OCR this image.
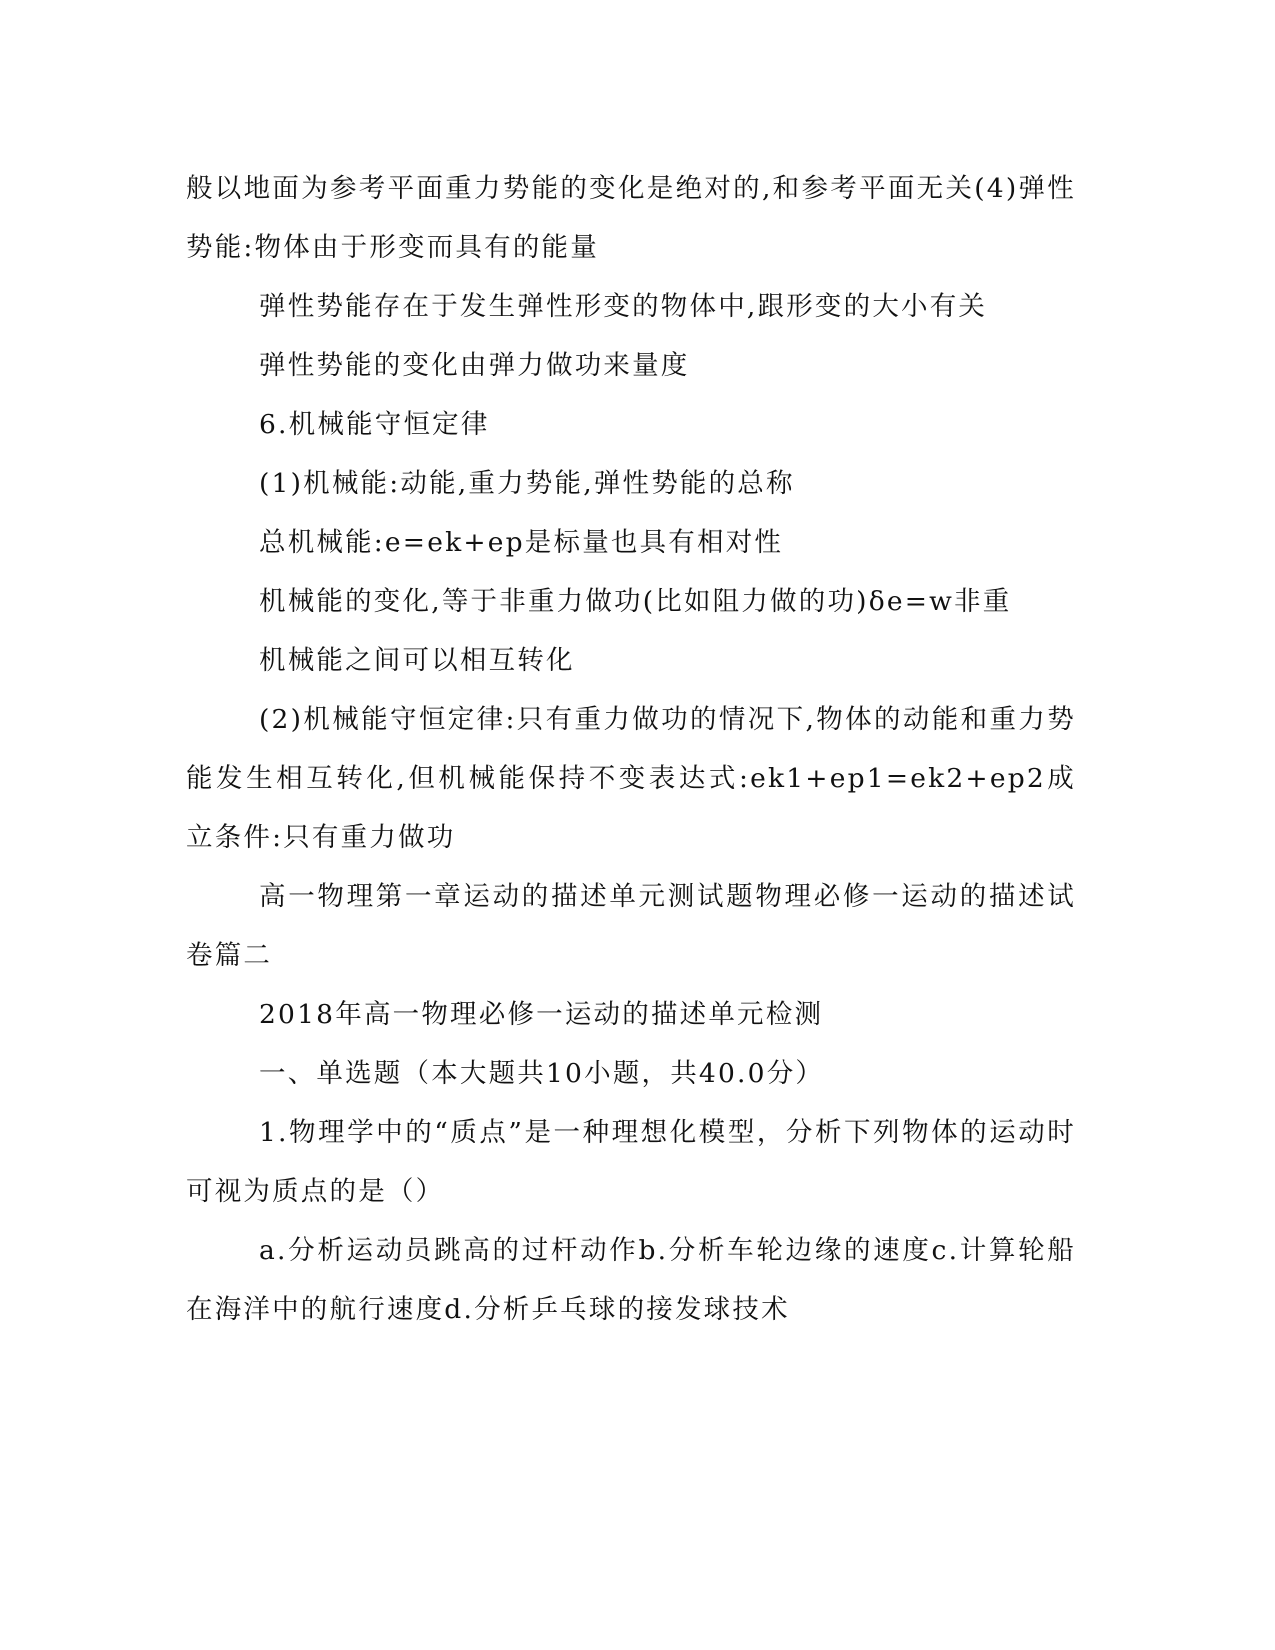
般以地面为参考平面重力势能的变化是绝对的,和参考平面无关(4)弹性势能:物体由于形变而具有的能量

弹性势能存在于发生弹性形变的物体中,跟形变的大小有关

弹性势能的变化由弹力做功来量度

6.机械能守恒定律

(1)机械能:动能,重力势能,弹性势能的总称

总机械能:e=ek+ep是标量也具有相对性

机械能的变化,等于非重力做功(比如阻力做的功)δe=w非重

机械能之间可以相互转化

(2)机械能守恒定律:只有重力做功的情况下,物体的动能和重力势能发生相互转化,但机械能保持不变表达式:ek1+ep1=ek2+ep2成立条件:只有重力做功

高一物理第一章运动的描述单元测试题物理必修一运动的描述试卷篇二

2018年高一物理必修一运动的描述单元检测

一、单选题（本大题共10小题，共40.0分）

1.物理学中的“质点”是一种理想化模型，分析下列物体的运动时可视为质点的是（）

a.分析运动员跳高的过杆动作b.分析车轮边缘的速度c.计算轮船在海洋中的航行速度d.分析乒乓球的接发球技术
